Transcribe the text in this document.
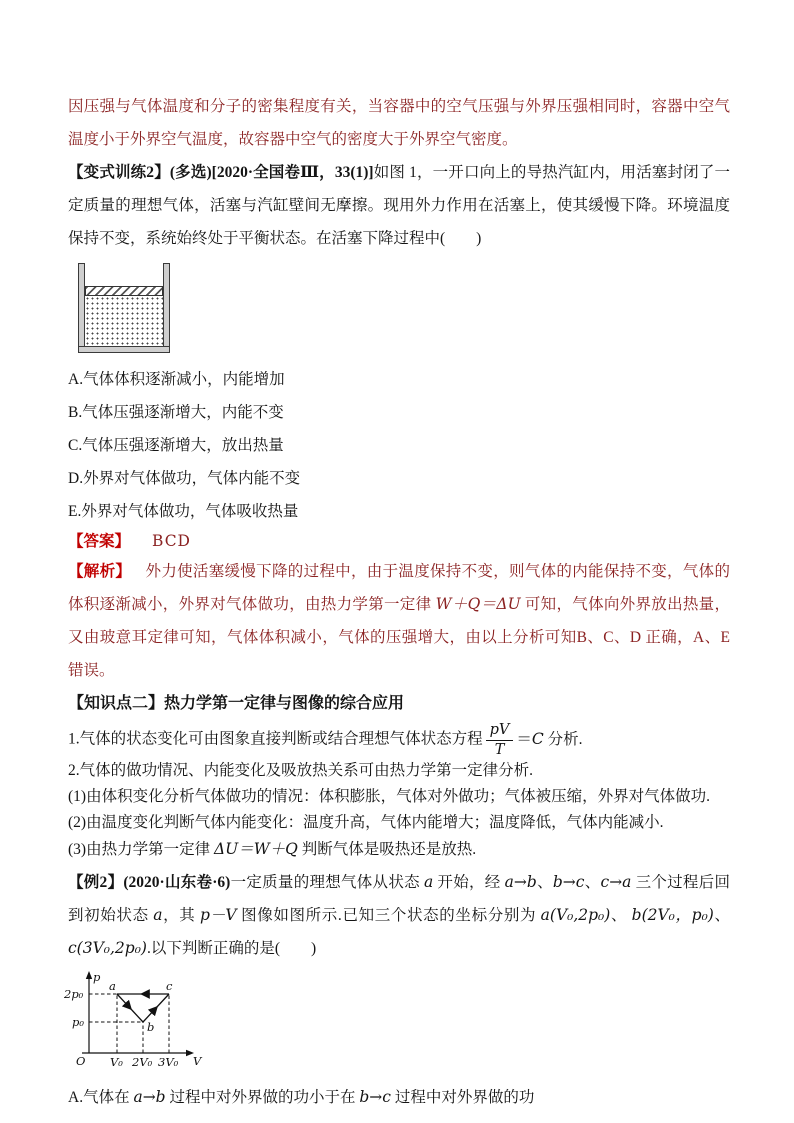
因压强与气体温度和分子的密集程度有关，当容器中的空气压强与外界压强相同时，容器中空气温度小于外界空气温度，故容器中空气的密度大于外界空气密度。

【变式训练2】(多选)[2020·全国卷Ⅲ，33(1)]如图 1，一开口向上的导热汽缸内，用活塞封闭了一定质量的理想气体，活塞与汽缸壁间无摩擦。现用外力作用在活塞上，使其缓慢下降。环境温度保持不变，系统始终处于平衡状态。在活塞下降过程中(　　)

A.气体体积逐渐减小，内能增加

B.气体压强逐渐增大，内能不变

C.气体压强逐渐增大，放出热量

D.外界对气体做功，气体内能不变

E.外界对气体做功，气体吸收热量

【答案】 BCD

【解析】 外力使活塞缓慢下降的过程中，由于温度保持不变，则气体的内能保持不变，气体的体积逐渐减小，外界对气体做功，由热力学第一定律 W＋Q＝ΔU 可知，气体向外界放出热量，又由玻意耳定律可知，气体体积减小，气体的压强增大，由以上分析可知B、C、D 正确，A、E 错误。

【知识点二】热力学第一定律与图像的综合应用

1.气体的状态变化可由图象直接判断或结合理想气体状态方程 $\frac{pV}{T} =C$ 分析.

2.气体的做功情况、内能变化及吸放热关系可由热力学第一定律分析.

(1)由体积变化分析气体做功的情况：体积膨胀，气体对外做功；气体被压缩，外界对气体做功.

(2)由温度变化判断气体内能变化：温度升高，气体内能增大；温度降低，气体内能减小.

(3)由热力学第一定律 ΔU＝W＋Q 判断气体是吸热还是放热.

【例2】(2020·山东卷·6)一定质量的理想气体从状态 a 开始，经 a→b、b→c、c→a 三个过程后回到初始状态 a，其 p－V 图像如图所示.已知三个状态的坐标分别为 a(V₀,2p₀)、 b(2V₀，p₀)、c(3V₀,2p₀).以下判断正确的是(　　)

p
V
O
2p₀
p₀
V₀ 2V₀ 3V₀
a
b
c

A.气体在 a→b 过程中对外界做的功小于在 b→c 过程中对外界做的功
